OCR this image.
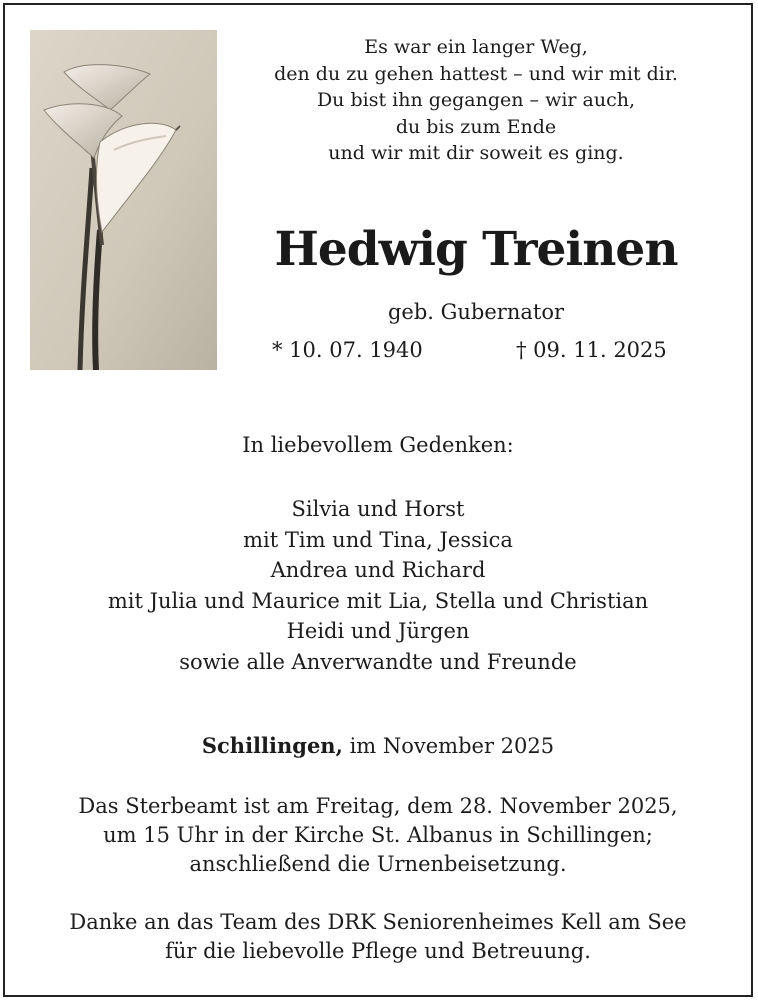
Es war ein langer Weg,
den du zu gehen hattest – und wir mit dir.
Du bist ihn gegangen – wir auch,
du bis zum Ende
und wir mit dir soweit es ging.
Hedwig Treinen
geb. Gubernator
* 10. 07. 1940	† 09. 11. 2025
In liebevollem Gedenken:
Silvia und Horst
mit Tim und Tina, Jessica
Andrea und Richard
mit Julia und Maurice mit Lia, Stella und Christian
Heidi und Jürgen
sowie alle Anverwandte und Freunde
Schillingen, im November 2025
Das Sterbeamt ist am Freitag, dem 28. November 2025,
um 15 Uhr in der Kirche St. Albanus in Schillingen;
anschließend die Urnenbeisetzung.
Danke an das Team des DRK Seniorenheimes Kell am See
für die liebevolle Pflege und Betreuung.
